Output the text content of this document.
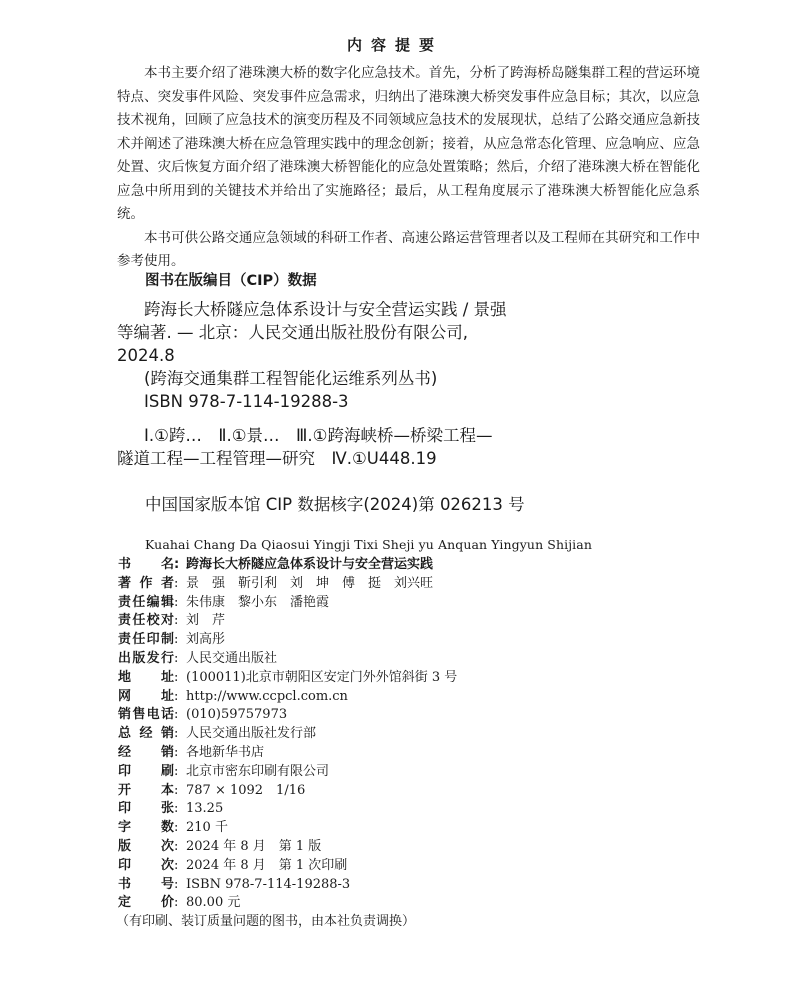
内容提要

本书主要介绍了港珠澳大桥的数字化应急技术。首先，分析了跨海桥岛隧集群工程的营运环境特点、突发事件风险、突发事件应急需求，归纳出了港珠澳大桥突发事件应急目标；其次，以应急技术视角，回顾了应急技术的演变历程及不同领域应急技术的发展现状，总结了公路交通应急新技术并阐述了港珠澳大桥在应急管理实践中的理念创新；接着，从应急常态化管理、应急响应、应急处置、灾后恢复方面介绍了港珠澳大桥智能化的应急处置策略；然后，介绍了港珠澳大桥在智能化应急中所用到的关键技术并给出了实施路径；最后，从工程角度展示了港珠澳大桥智能化应急系统。

本书可供公路交通应急领域的科研工作者、高速公路运营管理者以及工程师在其研究和工作中参考使用。

图书在版编目（CIP）数据
跨海长大桥隧应急体系设计与安全营运实践 / 景强
等编著. — 北京：人民交通出版社股份有限公司,
2024.8
(跨海交通集群工程智能化运维系列丛书)
ISBN 978-7-114-19288-3
Ⅰ.①跨…　Ⅱ.①景…　Ⅲ.①跨海峡桥—桥梁工程—
隧道工程—工程管理—研究　Ⅳ.①U448.19
中国国家版本馆 CIP 数据核字(2024)第 026213 号
Kuahai Chang Da Qiaosui Yingji Tixi Sheji yu Anquan Yingyun Shijian
书名 : 跨海长大桥隧应急体系设计与安全营运实践
著作者 : 景　强　靳引利　刘　坤　傅　挺　刘兴旺
责任编辑 : 朱伟康　黎小东　潘艳霞
责任校对 : 刘　芹
责任印制 : 刘高彤
出版发行 : 人民交通出版社
地址 : (100011)北京市朝阳区安定门外外馆斜街 3 号
网址 : http://www.ccpcl.com.cn
销售电话 : (010)59757973
总经销 : 人民交通出版社发行部
经销 : 各地新华书店
印刷 : 北京市密东印刷有限公司
开本 : 787 × 1092　1/16
印张 : 13.25
字数 : 210 千
版次 : 2024 年 8 月　第 1 版
印次 : 2024 年 8 月　第 1 次印刷
书号 : ISBN 978-7-114-19288-3
定价 : 80.00 元
（有印刷、装订质量问题的图书，由本社负责调换）
